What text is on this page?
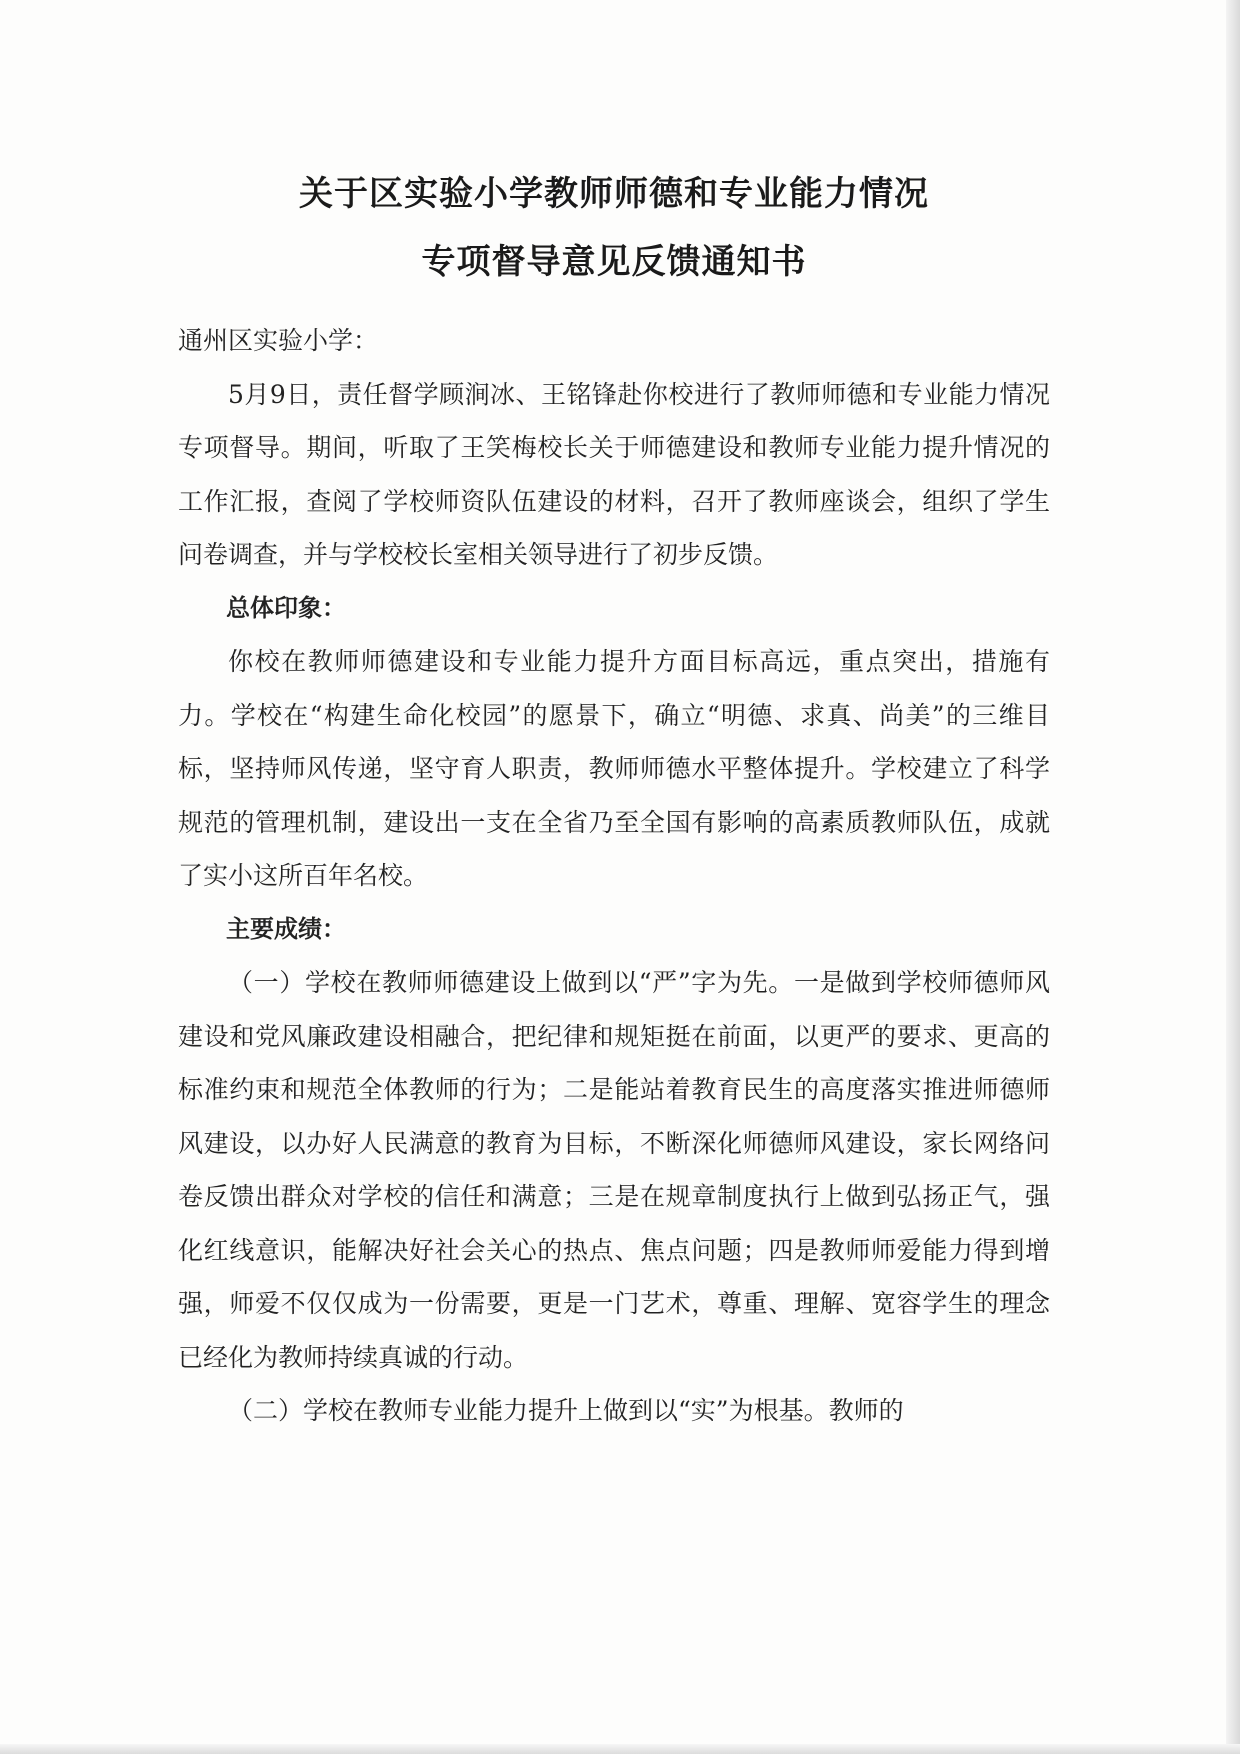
关于区实验小学教师师德和专业能力情况
专项督导意见反馈通知书

通州区实验小学：

5月9日，责任督学顾涧冰、王铭锋赴你校进行了教师师德和专业能力情况专项督导。期间，听取了王笑梅校长关于师德建设和教师专业能力提升情况的工作汇报，查阅了学校师资队伍建设的材料，召开了教师座谈会，组织了学生问卷调查，并与学校校长室相关领导进行了初步反馈。

总体印象：

你校在教师师德建设和专业能力提升方面目标高远，重点突出，措施有力。学校在“构建生命化校园”的愿景下，确立“明德、求真、尚美”的三维目标，坚持师风传递，坚守育人职责，教师师德水平整体提升。学校建立了科学规范的管理机制，建设出一支在全省乃至全国有影响的高素质教师队伍，成就了实小这所百年名校。

主要成绩：

（一）学校在教师师德建设上做到以“严”字为先。一是做到学校师德师风建设和党风廉政建设相融合，把纪律和规矩挺在前面，以更严的要求、更高的标准约束和规范全体教师的行为；二是能站着教育民生的高度落实推进师德师风建设，以办好人民满意的教育为目标，不断深化师德师风建设，家长网络问卷反馈出群众对学校的信任和满意；三是在规章制度执行上做到弘扬正气，强化红线意识，能解决好社会关心的热点、焦点问题；四是教师师爱能力得到增强，师爱不仅仅成为一份需要，更是一门艺术，尊重、理解、宽容学生的理念已经化为教师持续真诚的行动。

（二）学校在教师专业能力提升上做到以“实”为根基。教师的
